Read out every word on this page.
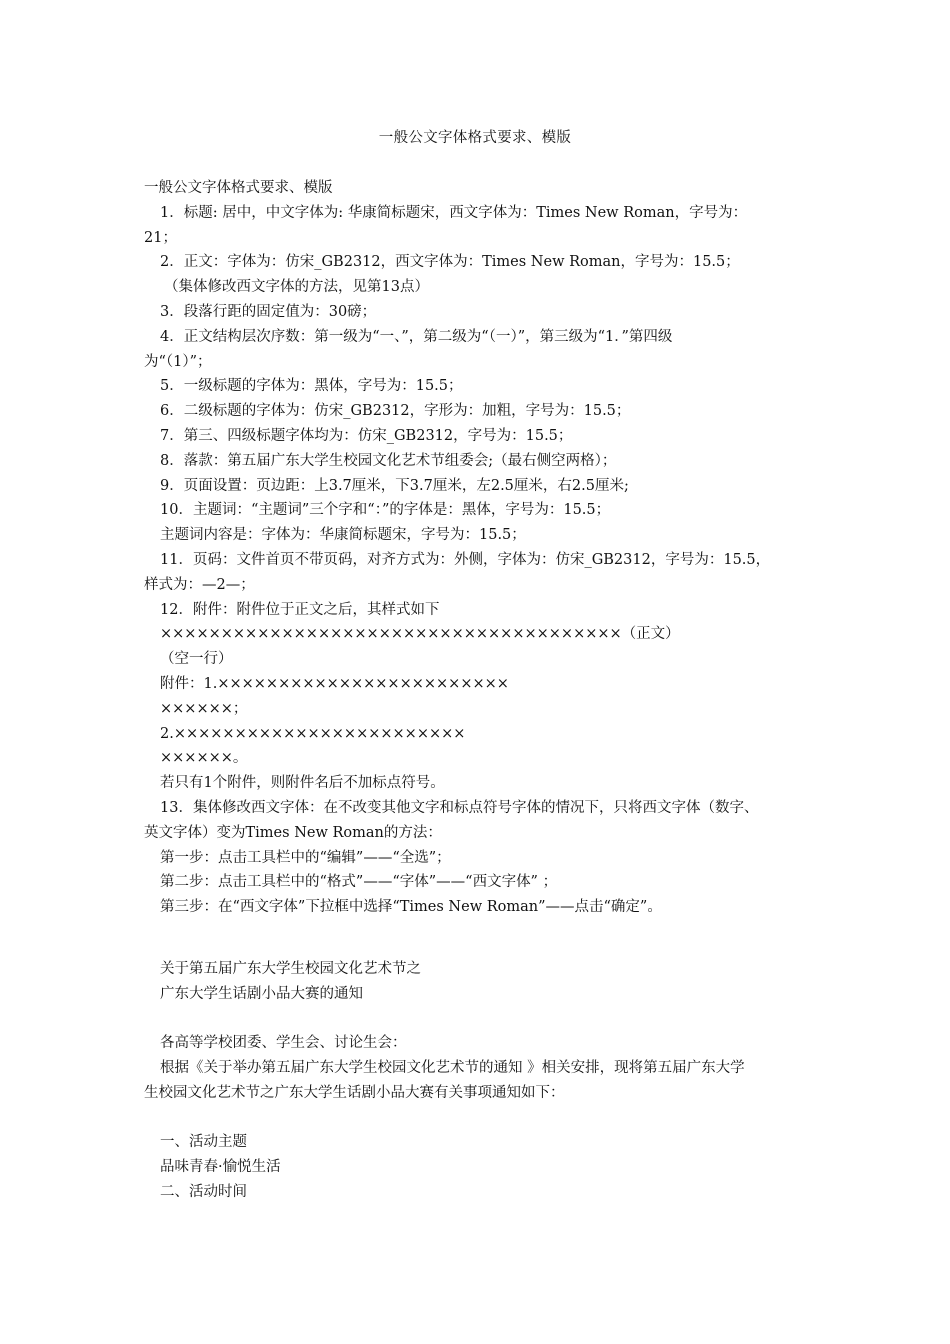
一般公文字体格式要求、模版
一般公文字体格式要求、模版
1．标题: 居中，中文字体为: 华康简标题宋，西文字体为：Times New Roman，字号为：
21；
2．正文：字体为：仿宋_GB2312，西文字体为：Times New Roman，字号为：15.5；
（集体修改西文字体的方法，见第13点）
3．段落行距的固定值为：30磅；
4．正文结构层次序数：第一级为“一、”，第二级为“（一）”，第三级为“1．”第四级
为“（1）”；
5．一级标题的字体为：黑体，字号为：15.5；
6．二级标题的字体为：仿宋_GB2312，字形为：加粗，字号为：15.5；
7．第三、四级标题字体均为：仿宋_GB2312，字号为：15.5；
8．落款：第五届广东大学生校园文化艺术节组委会;（最右侧空两格）；
9．页面设置：页边距：上3.7厘米，下3.7厘米，左2.5厘米，右2.5厘米;
10．主题词：“主题词”三个字和“：”的字体是：黑体，字号为：15.5；
主题词内容是：字体为：华康简标题宋，字号为：15.5；
11．页码：文件首页不带页码，对齐方式为：外侧，字体为：仿宋_GB2312，字号为：15.5，
样式为：—2—；
12．附件：附件位于正文之后，其样式如下
××××××××××××××××××××××××××××××××××××××（正文）
（空一行）
附件：1.××××××××××××××××××××××××
××××××；
2.××××××××××××××××××××××××
××××××。
若只有1个附件，则附件名后不加标点符号。
13．集体修改西文字体：在不改变其他文字和标点符号字体的情况下，只将西文字体（数字、
英文字体）变为Times New Roman的方法：
第一步：点击工具栏中的“编辑”——“全选”；
第二步：点击工具栏中的“格式”——“字体”——“西文字体” ；
第三步：在“西文字体”下拉框中选择“Times New Roman”——点击“确定”。
关于第五届广东大学生校园文化艺术节之
广东大学生话剧小品大赛的通知
各高等学校团委、学生会、讨论生会：
根据《关于举办第五届广东大学生校园文化艺术节的通知 》相关安排，现将第五届广东大学
生校园文化艺术节之广东大学生话剧小品大赛有关事项通知如下：
一、活动主题
品味青春·愉悦生活
二、活动时间
